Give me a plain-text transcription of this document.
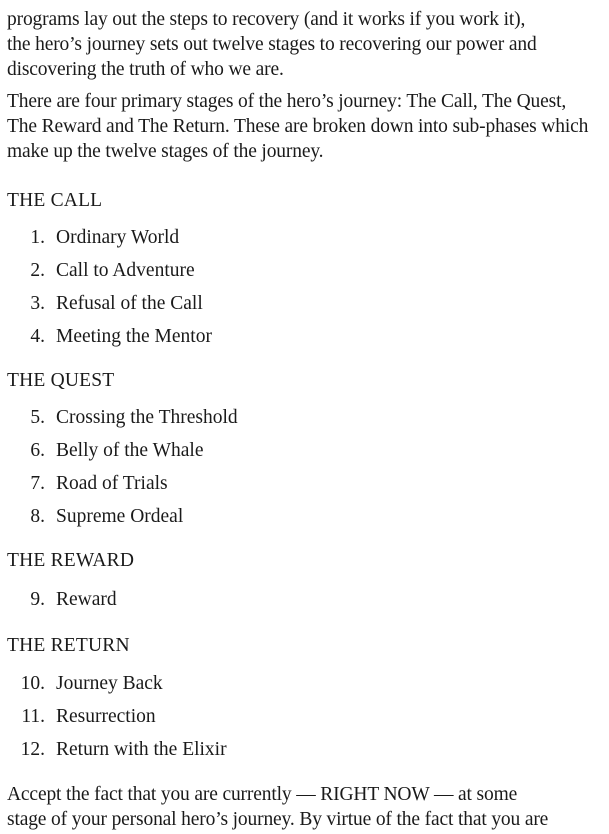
programs lay out the steps to recovery (and it works if you work it),
the hero’s journey sets out twelve stages to recovering our power and
discovering the truth of who we are.

There are four primary stages of the hero’s journey: The Call, The Quest,
The Reward and The Return. These are broken down into sub-phases which
make up the twelve stages of the journey.

THE CALL
1. Ordinary World
2. Call to Adventure
3. Refusal of the Call
4. Meeting the Mentor
THE QUEST
5. Crossing the Threshold
6. Belly of the Whale
7. Road of Trials
8. Supreme Ordeal
THE REWARD
9. Reward
THE RETURN
10. Journey Back
11. Resurrection
12. Return with the Elixir

Accept the fact that you are currently — RIGHT NOW — at some
stage of your personal hero’s journey. By virtue of the fact that you are
